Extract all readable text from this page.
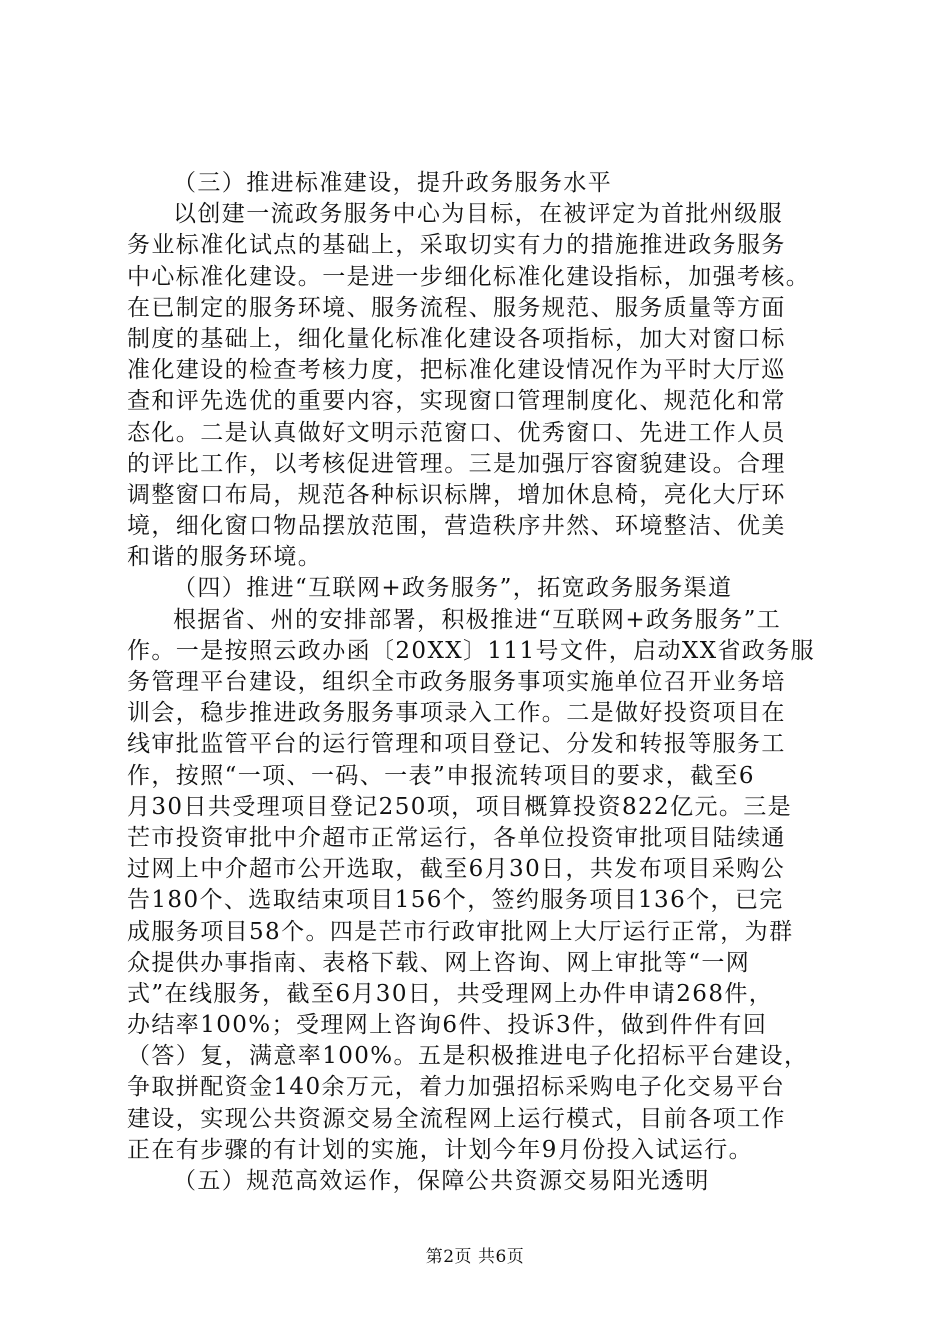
（三）推进标准建设，提升政务服务水平
以创建一流政务服务中心为目标，在被评定为首批州级服
务业标准化试点的基础上，采取切实有力的措施推进政务服务
中心标准化建设。一是进一步细化标准化建设指标，加强考核。
在已制定的服务环境、服务流程、服务规范、服务质量等方面
制度的基础上，细化量化标准化建设各项指标，加大对窗口标
准化建设的检查考核力度，把标准化建设情况作为平时大厅巡
查和评先选优的重要内容，实现窗口管理制度化、规范化和常
态化。二是认真做好文明示范窗口、优秀窗口、先进工作人员
的评比工作，以考核促进管理。三是加强厅容窗貌建设。合理
调整窗口布局，规范各种标识标牌，增加休息椅，亮化大厅环
境，细化窗口物品摆放范围，营造秩序井然、环境整洁、优美
和谐的服务环境。
（四）推进“互联网+政务服务”，拓宽政务服务渠道
根据省、州的安排部署，积极推进“互联网+政务服务”工
作。一是按照云政办函〔20XX〕111号文件，启动XX省政务服
务管理平台建设，组织全市政务服务事项实施单位召开业务培
训会，稳步推进政务服务事项录入工作。二是做好投资项目在
线审批监管平台的运行管理和项目登记、分发和转报等服务工
作，按照“一项、一码、一表”申报流转项目的要求，截至6
月30日共受理项目登记250项，项目概算投资822亿元。三是
芒市投资审批中介超市正常运行，各单位投资审批项目陆续通
过网上中介超市公开选取，截至6月30日，共发布项目采购公
告180个、选取结束项目156个，签约服务项目136个，已完
成服务项目58个。四是芒市行政审批网上大厅运行正常，为群
众提供办事指南、表格下载、网上咨询、网上审批等“一网
式”在线服务，截至6月30日，共受理网上办件申请268件，
办结率100%；受理网上咨询6件、投诉3件，做到件件有回
（答）复，满意率100%。五是积极推进电子化招标平台建设，
争取拼配资金140余万元，着力加强招标采购电子化交易平台
建设，实现公共资源交易全流程网上运行模式，目前各项工作
正在有步骤的有计划的实施，计划今年9月份投入试运行。
（五）规范高效运作，保障公共资源交易阳光透明
第2页 共6页
